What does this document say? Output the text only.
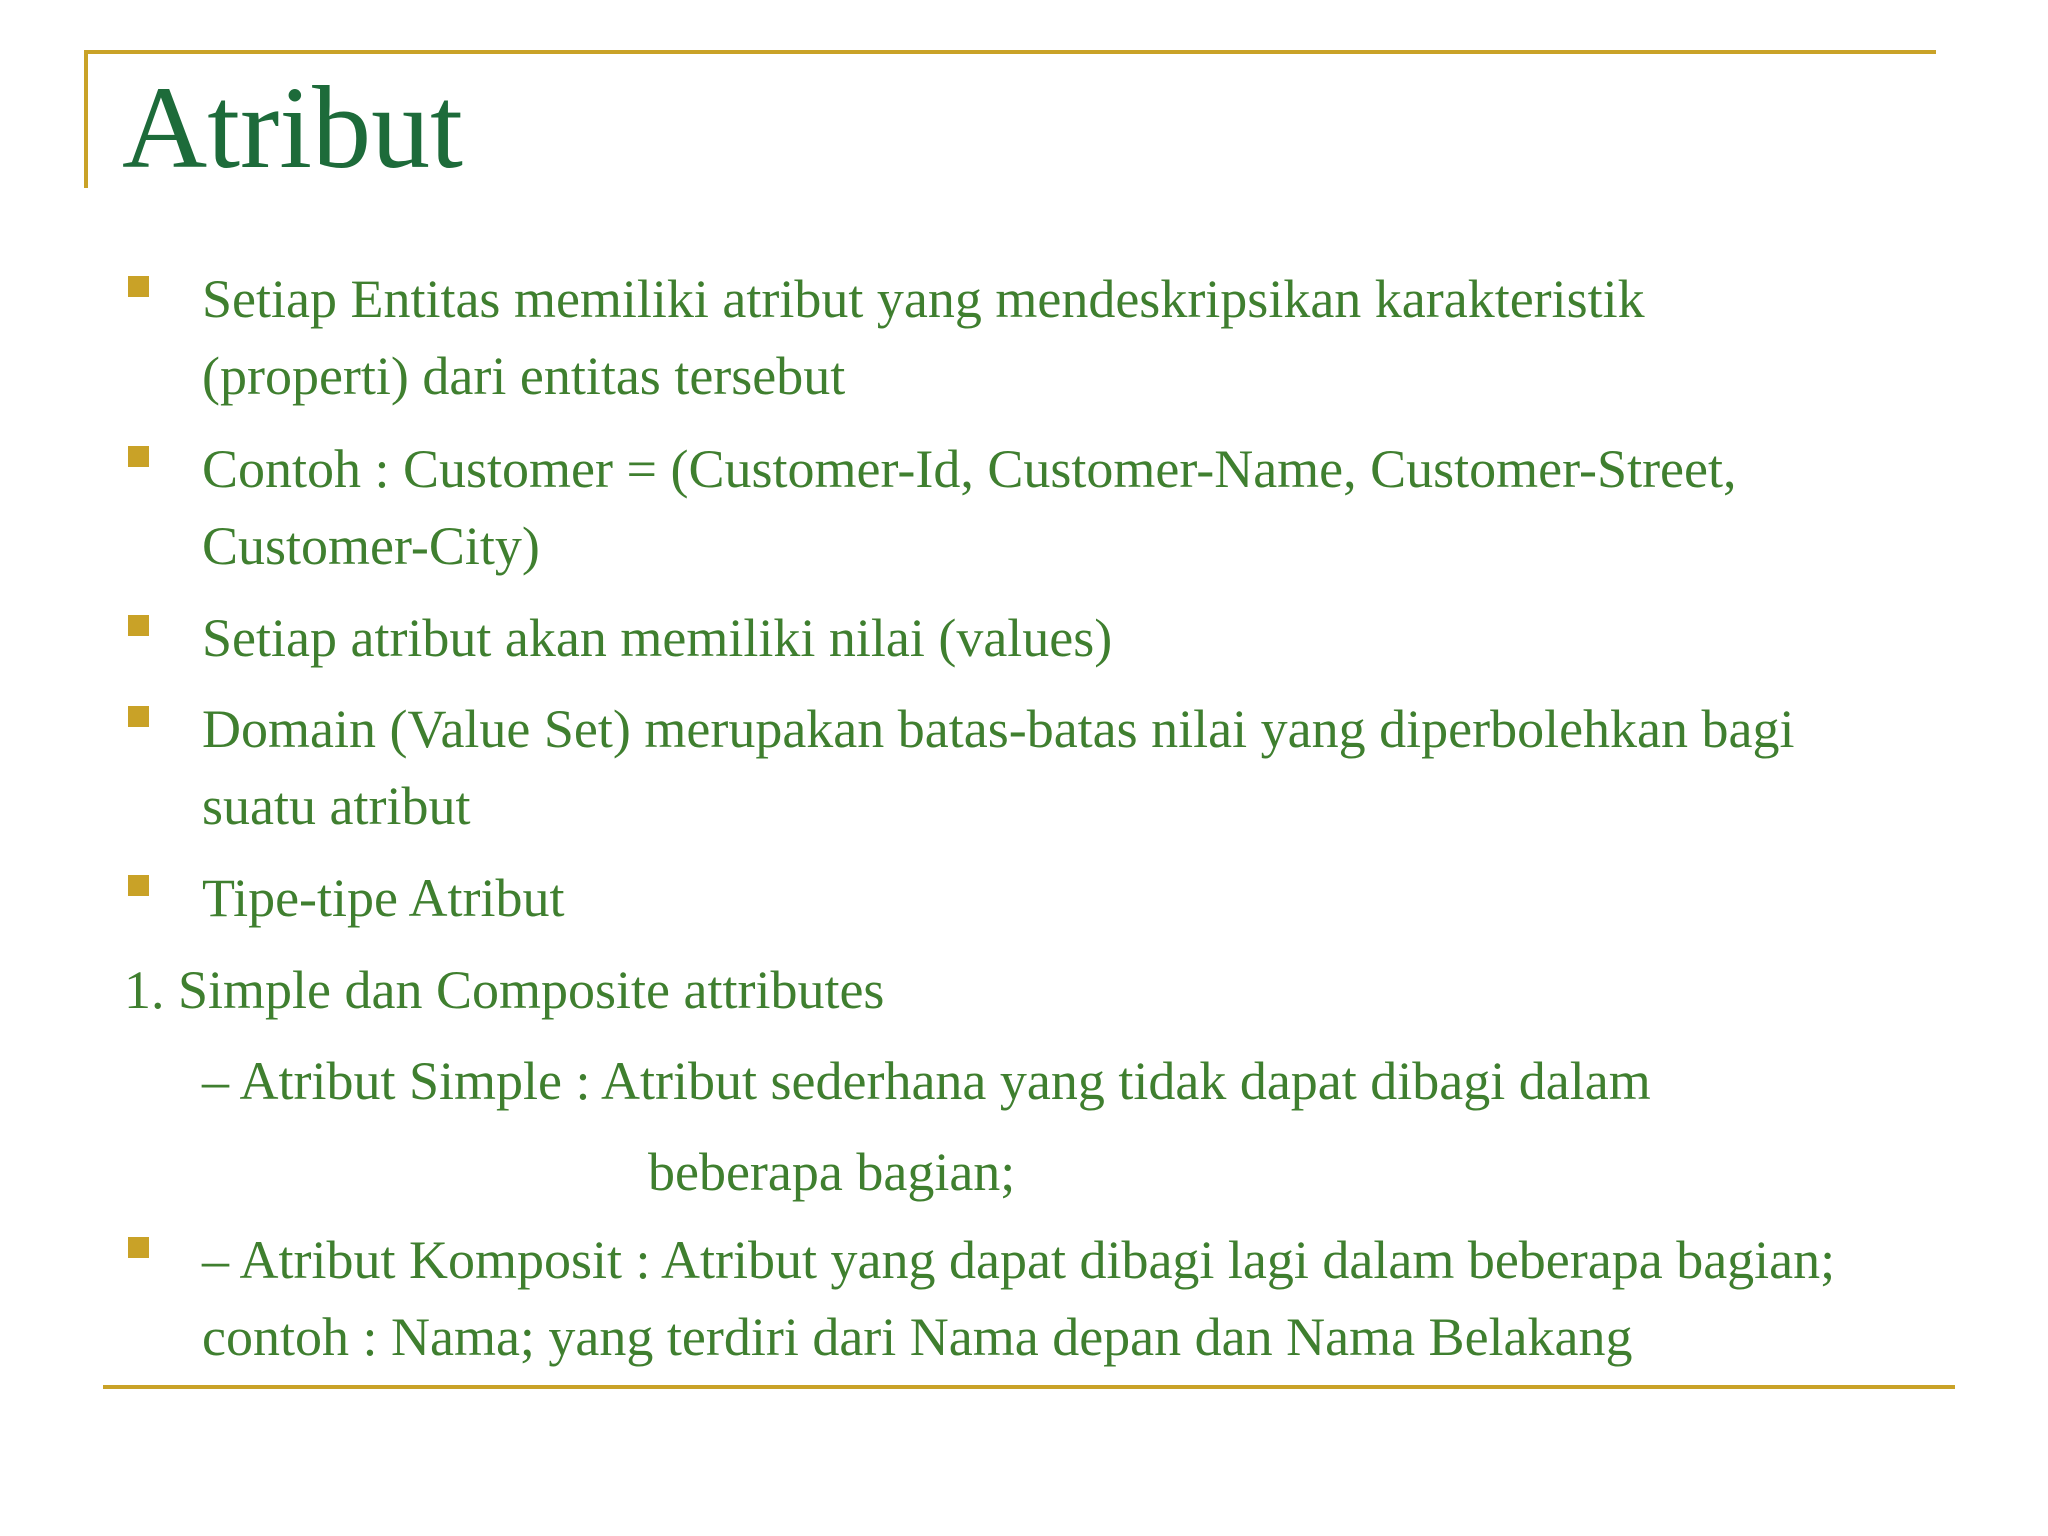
Atribut
Setiap Entitas memiliki atribut yang mendeskripsikan karakteristik
(properti) dari entitas tersebut
Contoh : Customer = (Customer-Id, Customer-Name, Customer-Street,
Customer-City)
Setiap atribut akan memiliki nilai (values)
Domain (Value Set) merupakan batas-batas nilai yang diperbolehkan bagi
suatu atribut
Tipe-tipe Atribut
1. Simple dan Composite attributes
– Atribut Simple : Atribut sederhana yang tidak dapat dibagi dalam
beberapa bagian;
– Atribut Komposit : Atribut yang dapat dibagi lagi dalam beberapa bagian;
contoh : Nama; yang terdiri dari Nama depan dan Nama Belakang
